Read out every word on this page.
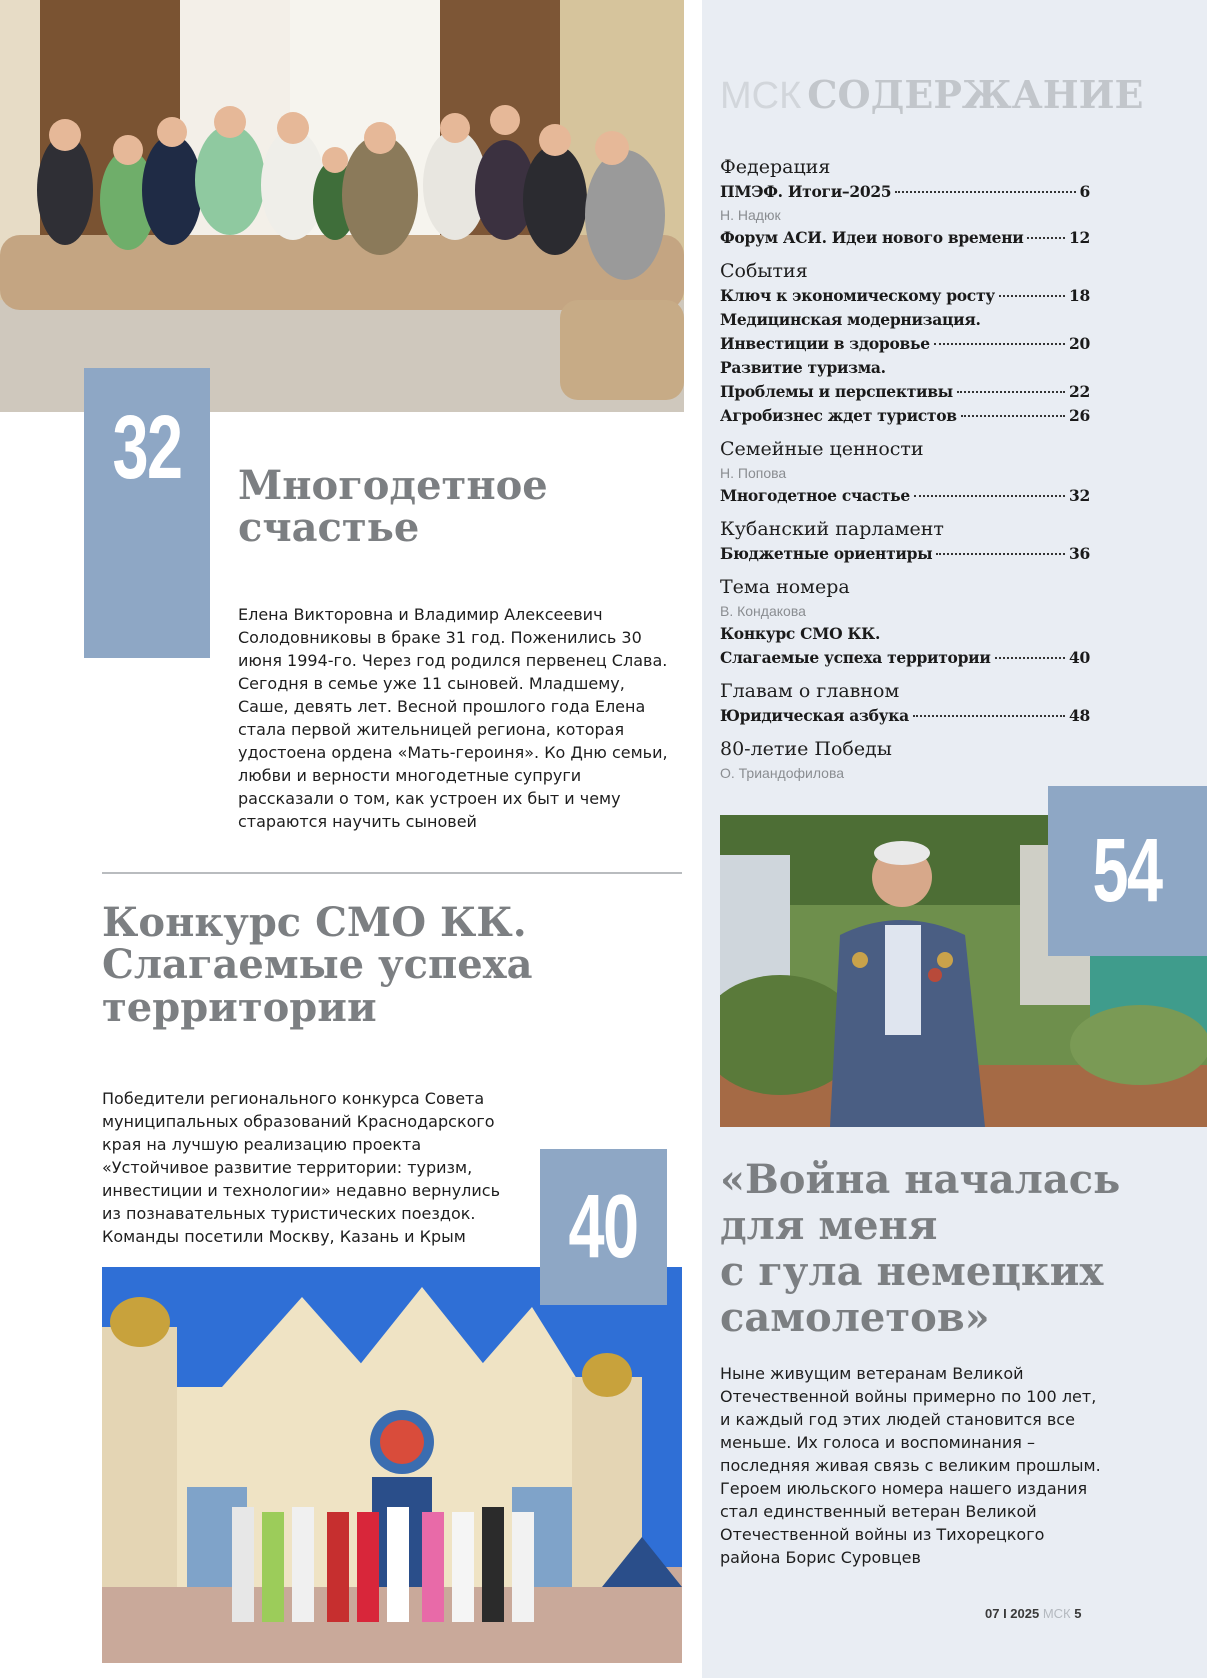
32 Многодетное
счастье
Елена Викторовна и Владимир Алексеевич Солодовниковы в браке 31 год. Поженились 30 июня 1994-го. Через год родился первенец Слава. Сегодня в семье уже 11 сыновей. Младшему, Саше, девять лет. Весной прошлого года Елена стала первой жительницей региона, которая удостоена ордена «Мать-героиня». Ко Дню семьи, любви и верности многодетные супруги рассказали о том, как устроен их быт и чему стараются научить сыновей
Конкурс СМО КК.
Слагаемые успеха
территории
Победители регионального конкурса Совета муниципальных образований Краснодарского края на лучшую реализацию проекта «Устойчивое развитие территории: туризм, инвестиции и технологии» недавно вернулись из познавательных туристических поездок. Команды посетили Москву, Казань и Крым	40
МСК СОДЕРЖАНИЕ
Федерация
ПМЭФ. Итоги–2025	6
Н. Надюк
Форум АСИ. Идеи нового времени	12
События
Ключ к экономическому росту	18
Медицинская модернизация.
Инвестиции в здоровье	20
Развитие туризма.
Проблемы и перспективы	22
Агробизнес ждет туристов	26
Семейные ценности
Н. Попова
Многодетное счастье	32
Кубанский парламент
Бюджетные ориентиры	36
Тема номера
В. Кондакова
Конкурс СМО КК.
Слагаемые успеха территории	40
Главам о главном
Юридическая азбука	48
80-летие Победы
О. Триандофилова
54
«Война началась
для меня
с гула немецких
самолетов»
Ныне живущим ветеранам Великой Отечественной войны примерно по 100 лет, и каждый год этих людей становится все меньше. Их голоса и воспоминания – последняя живая связь с великим прошлым. Героем июльского номера нашего издания стал единственный ветеран Великой Отечественной войны из Тихорецкого района Борис Суровцев
07 I 2025 МСК 5
